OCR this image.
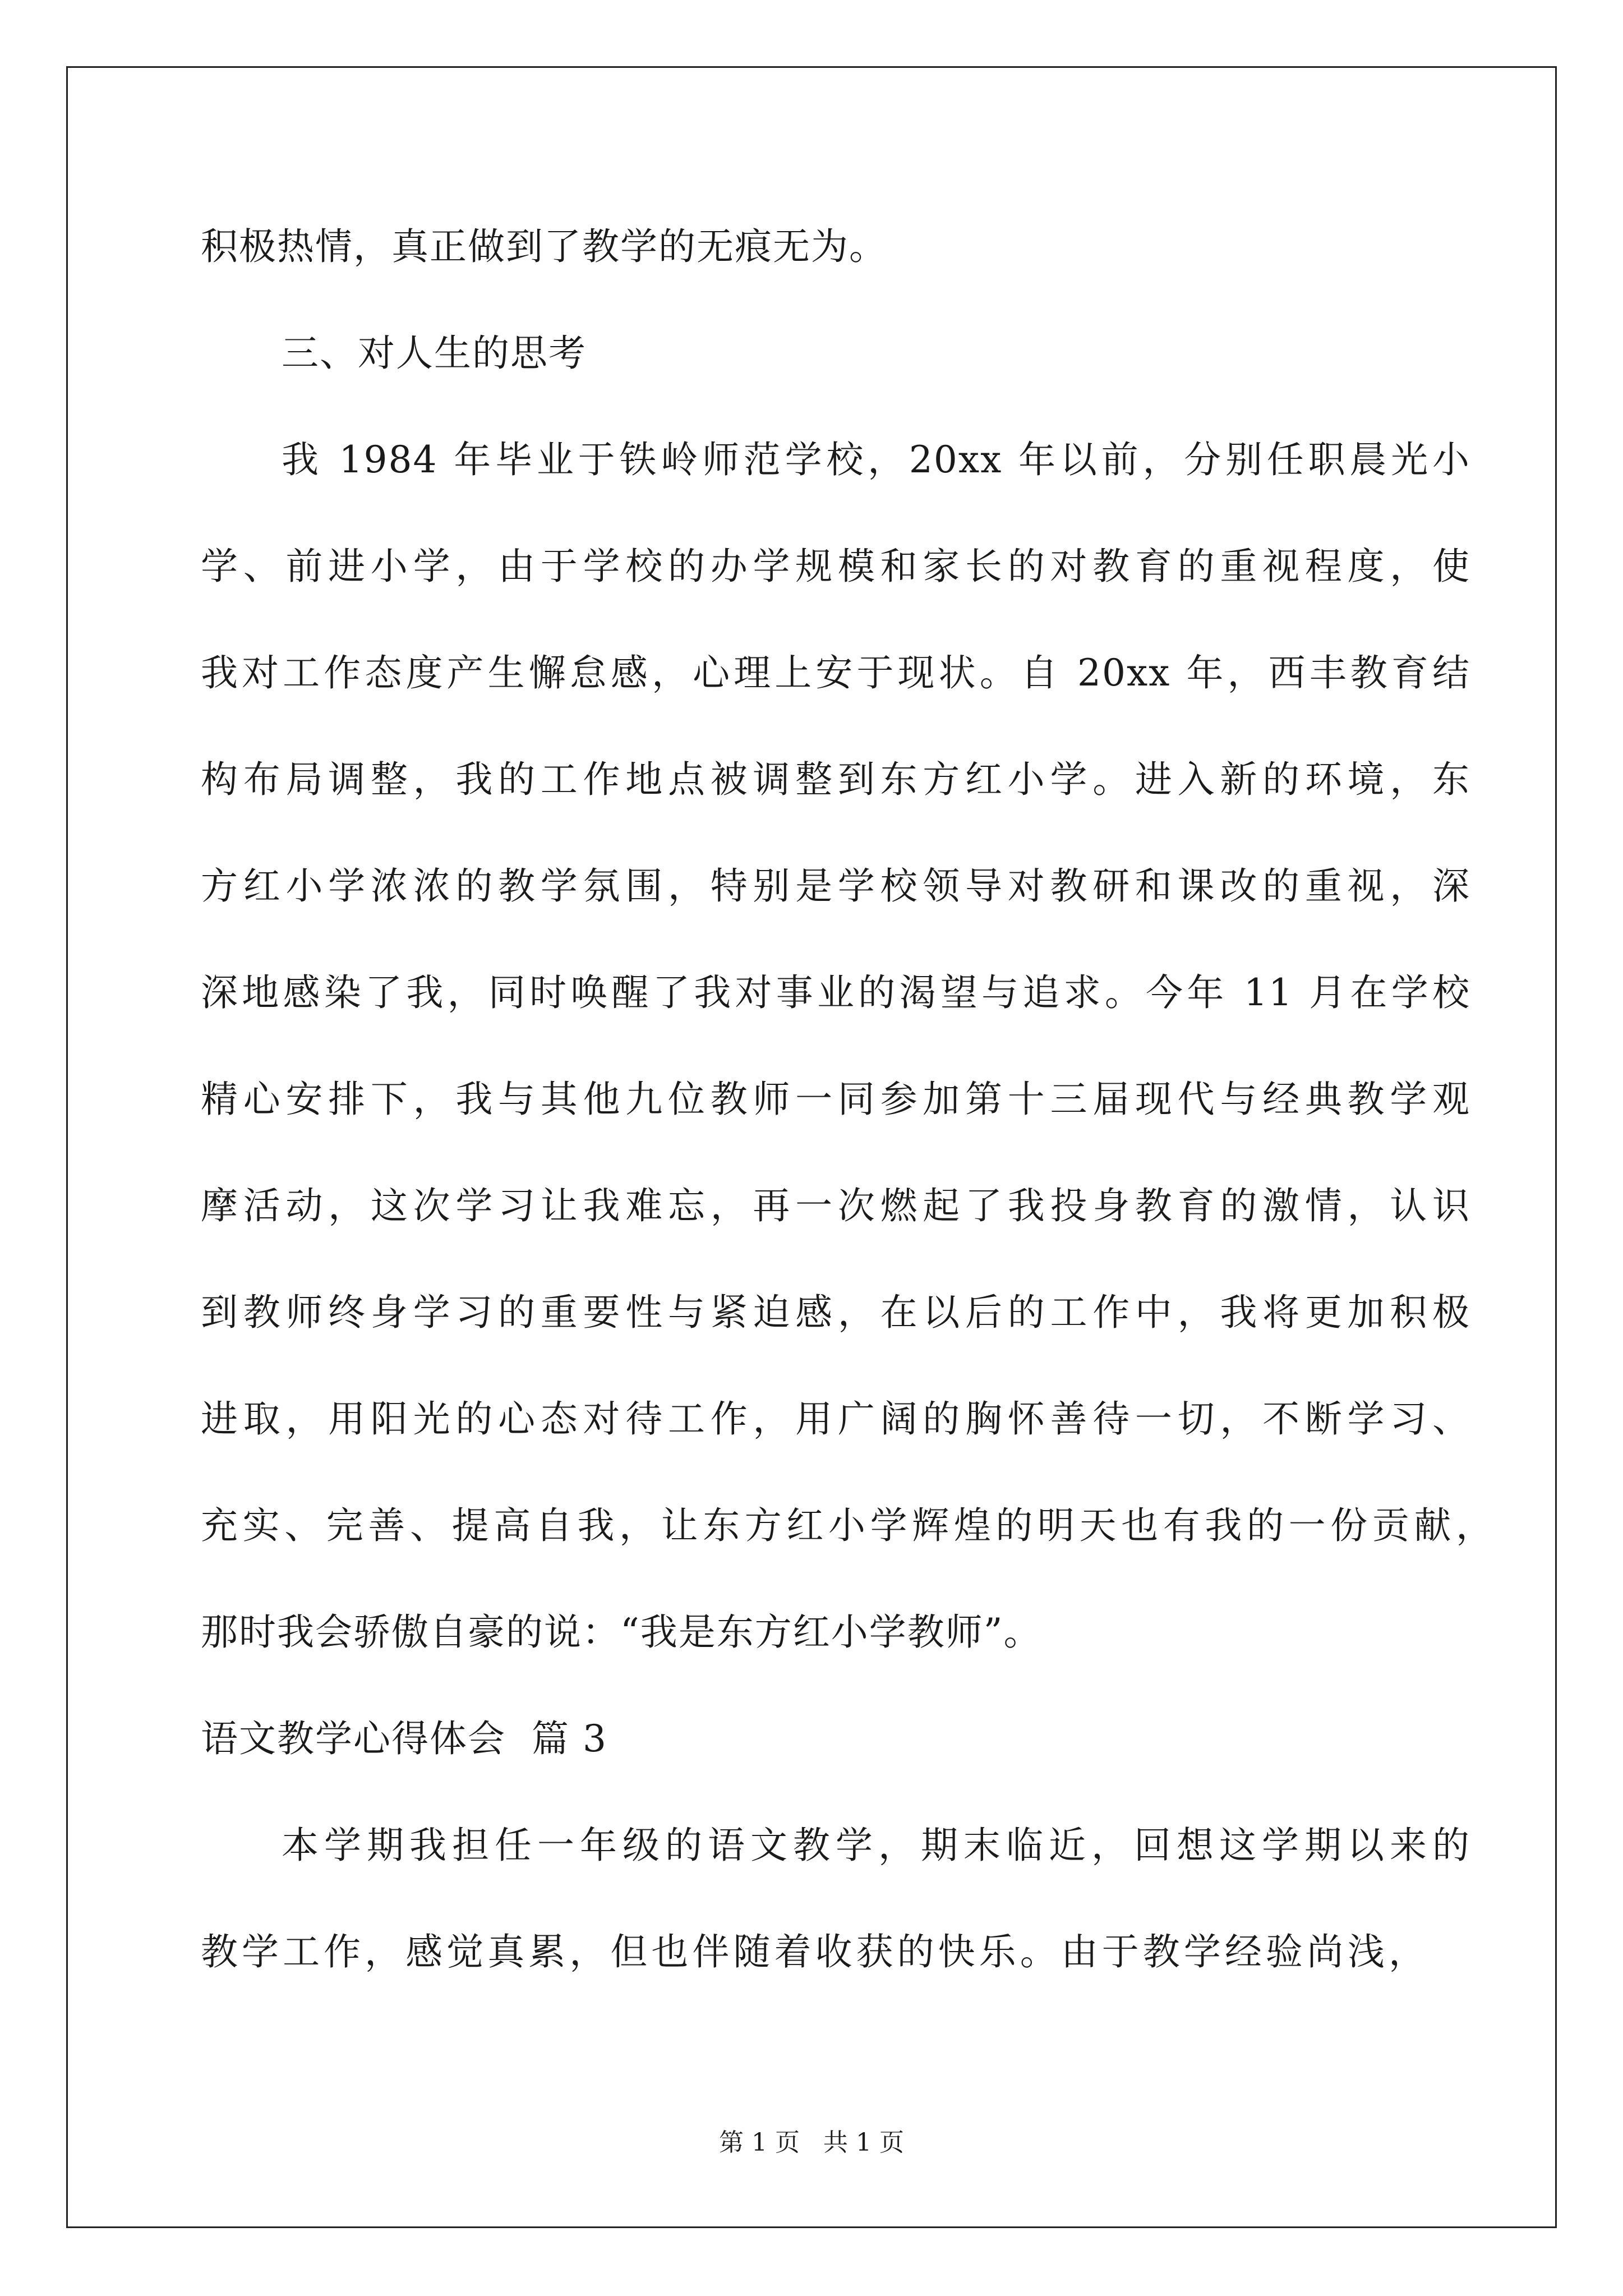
积极热情，真正做到了教学的无痕无为。
三、对人生的思考
我 1984 年毕业于铁岭师范学校，20xx 年以前，分别任职晨光小
学、前进小学，由于学校的办学规模和家长的对教育的重视程度，使
我对工作态度产生懈怠感，心理上安于现状。自 20xx 年，西丰教育结
构布局调整，我的工作地点被调整到东方红小学。进入新的环境，东
方红小学浓浓的教学氛围，特别是学校领导对教研和课改的重视，深
深地感染了我，同时唤醒了我对事业的渴望与追求。今年 11 月在学校
精心安排下，我与其他九位教师一同参加第十三届现代与经典教学观
摩活动，这次学习让我难忘，再一次燃起了我投身教育的激情，认识
到教师终身学习的重要性与紧迫感，在以后的工作中，我将更加积极
进取，用阳光的心态对待工作，用广阔的胸怀善待一切，不断学习、
充实、完善、提高自我，让东方红小学辉煌的明天也有我的一份贡献，
那时我会骄傲自豪的说：“我是东方红小学教师”。
语文教学心得体会  篇 3
本学期我担任一年级的语文教学，期末临近，回想这学期以来的
教学工作，感觉真累，但也伴随着收获的快乐。由于教学经验尚浅，
第 1 页 共 1 页
